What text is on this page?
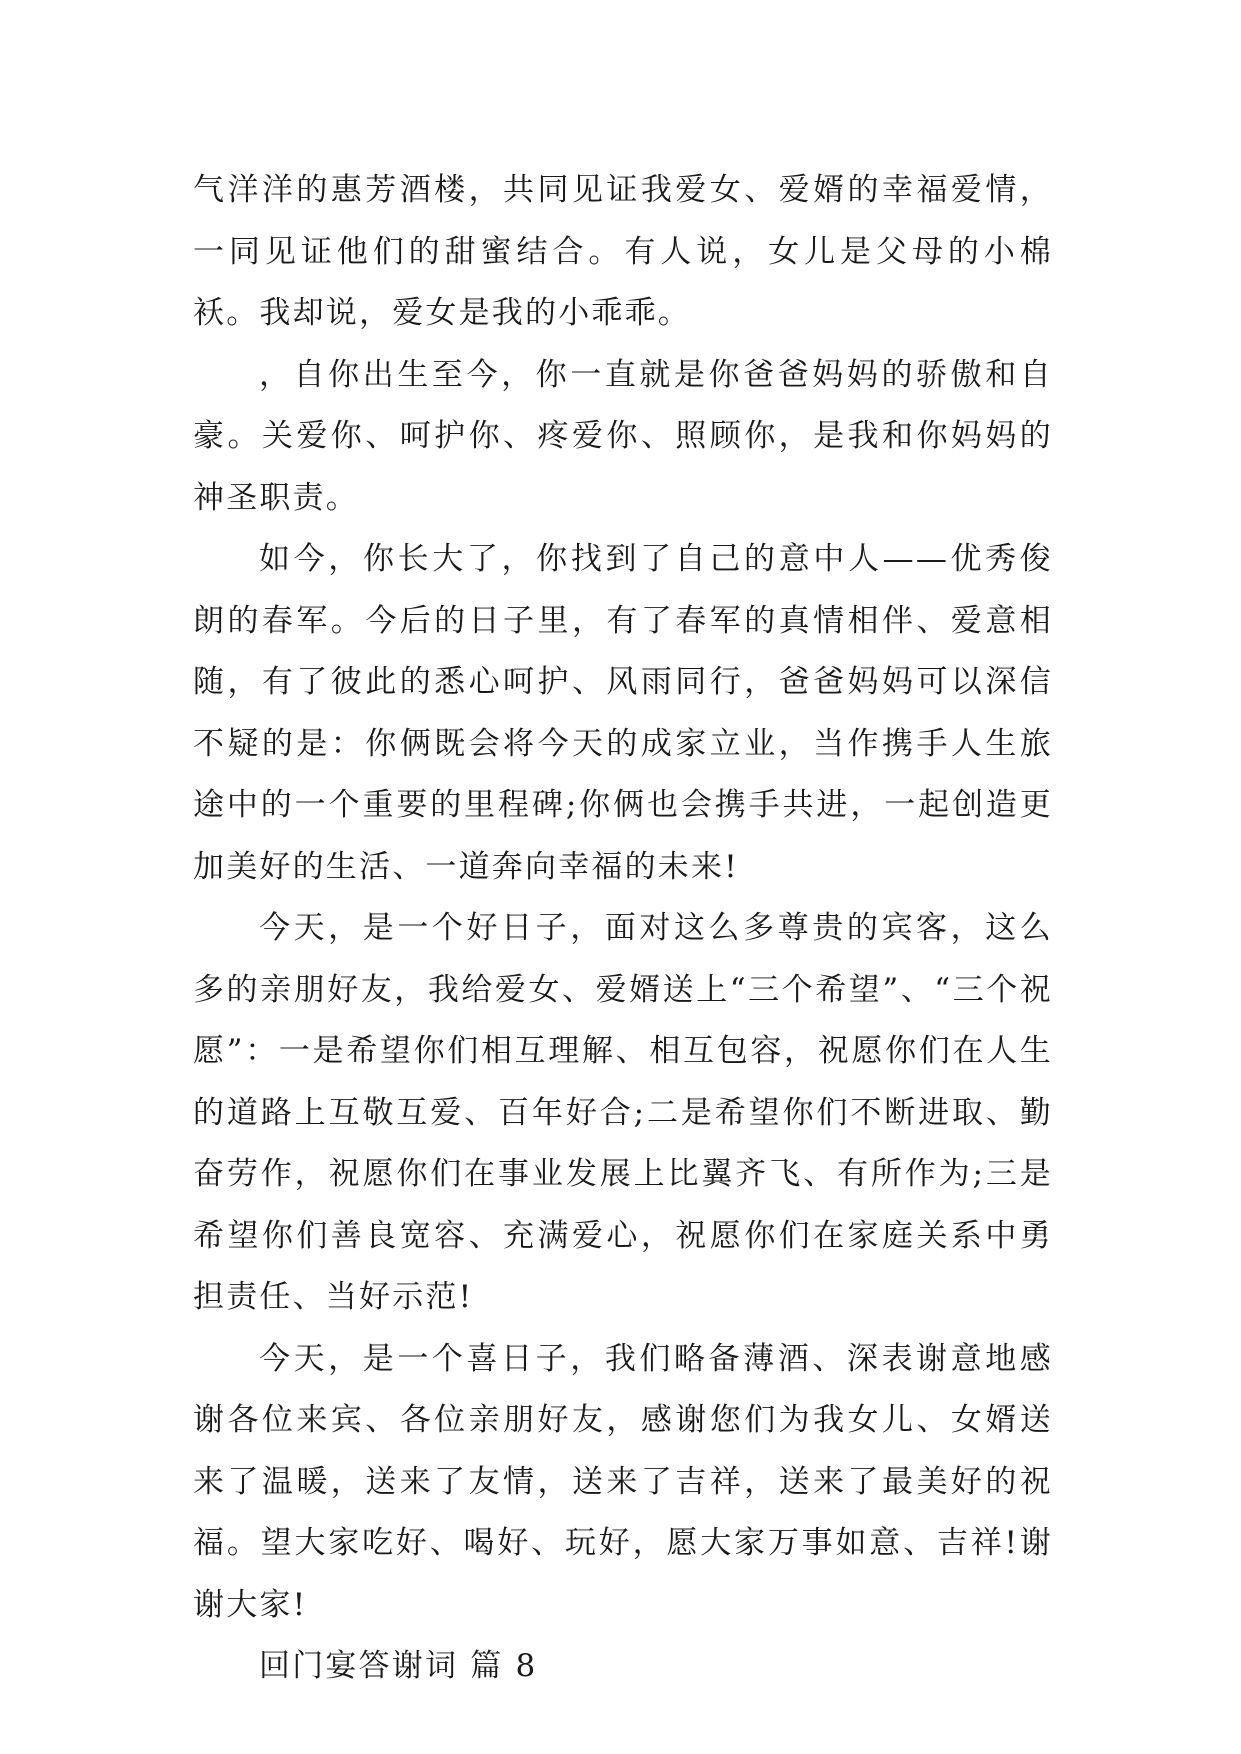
气洋洋的惠芳酒楼，共同见证我爱女、爱婿的幸福爱情，一同见证他们的甜蜜结合。有人说，女儿是父母的小棉袄。我却说，爱女是我的小乖乖。

，自你出生至今，你一直就是你爸爸妈妈的骄傲和自豪。关爱你、呵护你、疼爱你、照顾你，是我和你妈妈的神圣职责。

如今，你长大了，你找到了自己的意中人——优秀俊朗的春军。今后的日子里，有了春军的真情相伴、爱意相随，有了彼此的悉心呵护、风雨同行，爸爸妈妈可以深信不疑的是：你俩既会将今天的成家立业，当作携手人生旅途中的一个重要的里程碑;你俩也会携手共进，一起创造更加美好的生活、一道奔向幸福的未来!

今天，是一个好日子，面对这么多尊贵的宾客，这么多的亲朋好友，我给爱女、爱婿送上“三个希望”、“三个祝愿”：一是希望你们相互理解、相互包容，祝愿你们在人生的道路上互敬互爱、百年好合;二是希望你们不断进取、勤奋劳作，祝愿你们在事业发展上比翼齐飞、有所作为;三是希望你们善良宽容、充满爱心，祝愿你们在家庭关系中勇担责任、当好示范!

今天，是一个喜日子，我们略备薄酒、深表谢意地感谢各位来宾、各位亲朋好友，感谢您们为我女儿、女婿送来了温暖，送来了友情，送来了吉祥，送来了最美好的祝福。望大家吃好、喝好、玩好，愿大家万事如意、吉祥!谢谢大家!

回门宴答谢词 篇 8
